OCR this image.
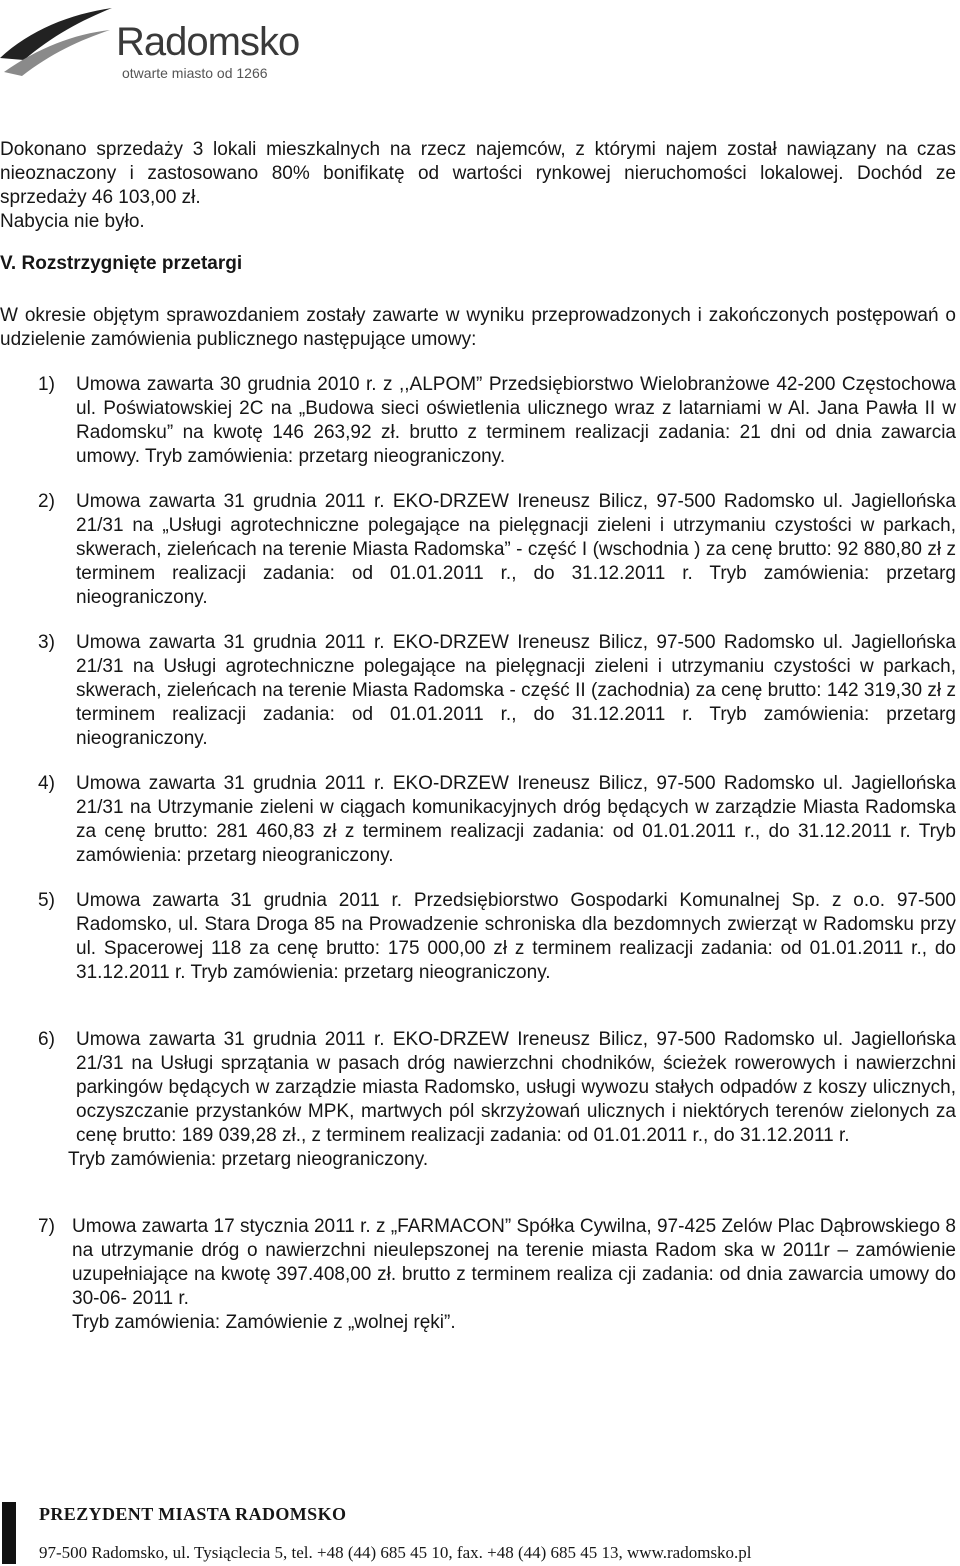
Radomsko
otwarte miasto od 1266

Dokonano sprzedaży 3 lokali mieszkalnych na rzecz najemców, z którymi najem został nawiązany na czas nieoznaczony i zastosowano 80% bonifikatę od wartości rynkowej nieruchomości lokalowej. Dochód ze sprzedaży 46 103,00 zł.

Nabycia nie było.

V. Rozstrzygnięte przetargi

W okresie objętym sprawozdaniem zostały zawarte w wyniku przeprowadzonych i zakończonych postępowań o udzielenie zamówienia publicznego następujące umowy:

1) Umowa zawarta 30 grudnia 2010 r. z ,,ALPOM” Przedsiębiorstwo Wielobranżowe 42-200 Częstochowa ul. Poświatowskiej 2C na „Budowa sieci oświetlenia ulicznego wraz z latarniami w Al. Jana Pawła II w Radomsku” na kwotę 146 263,92 zł. brutto z terminem realizacji zadania: 21 dni od dnia zawarcia umowy. Tryb zamówienia: przetarg nieograniczony.
2) Umowa zawarta 31 grudnia 2011 r. EKO-DRZEW Ireneusz Bilicz, 97-500 Radomsko ul. Jagiellońska 21/31 na „Usługi agrotechniczne polegające na pielęgnacji zieleni i utrzymaniu czystości w parkach, skwerach, zieleńcach na terenie Miasta Radomska” - część I (wschodnia ) za cenę brutto: 92 880,80 zł z terminem realizacji zadania: od 01.01.2011 r., do 31.12.2011 r. Tryb zamówienia: przetarg nieograniczony.
3) Umowa zawarta 31 grudnia 2011 r. EKO-DRZEW Ireneusz Bilicz, 97-500 Radomsko ul. Jagiellońska 21/31 na Usługi agrotechniczne polegające na pielęgnacji zieleni i utrzymaniu czystości w parkach, skwerach, zieleńcach na terenie Miasta Radomska - część II (zachodnia) za cenę brutto: 142 319,30 zł z terminem realizacji zadania: od 01.01.2011 r., do 31.12.2011 r. Tryb zamówienia: przetarg nieograniczony.
4) Umowa zawarta 31 grudnia 2011 r. EKO-DRZEW Ireneusz Bilicz, 97-500 Radomsko ul. Jagiellońska 21/31 na Utrzymanie zieleni w ciągach komunikacyjnych dróg będących w zarządzie Miasta Radomska za cenę brutto: 281 460,83 zł z terminem realizacji zadania: od 01.01.2011 r., do 31.12.2011 r. Tryb zamówienia: przetarg nieograniczony.
5) Umowa zawarta 31 grudnia 2011 r. Przedsiębiorstwo Gospodarki Komunalnej Sp. z o.o. 97-500 Radomsko, ul. Stara Droga 85 na Prowadzenie schroniska dla bezdomnych zwierząt w Radomsku przy ul. Spacerowej 118 za cenę brutto: 175 000,00 zł z terminem realizacji zadania: od 01.01.2011 r., do 31.12.2011 r. Tryb zamówienia: przetarg nieograniczony.
6) Umowa zawarta 31 grudnia 2011 r. EKO-DRZEW Ireneusz Bilicz, 97-500 Radomsko ul. Jagiellońska 21/31 na Usługi sprzątania w pasach dróg nawierzchni chodników, ścieżek rowerowych i nawierzchni parkingów będących w zarządzie miasta Radomsko, usługi wywozu stałych odpadów z koszy ulicznych, oczyszczanie przystanków MPK, martwych pól skrzyżowań ulicznych i niektórych terenów zielonych za cenę brutto: 189 039,28 zł., z terminem realizacji zadania: od 01.01.2011 r., do 31.12.2011 r.
Tryb zamówienia: przetarg nieograniczony.
7) Umowa zawarta 17 stycznia 2011 r. z „FARMACON” Spółka Cywilna, 97-425 Zelów Plac Dąbrowskiego 8 na utrzymanie dróg o nawierzchni nieulepszonej na terenie miasta Radom ska w 2011r – zamówienie uzupełniające na kwotę 397.408,00 zł. brutto z terminem realiza cji zadania: od dnia zawarcia umowy do 30-06- 2011 r.
Tryb zamówienia: Zamówienie z „wolnej ręki”.
PREZYDENT MIASTA RADOMSKO
97-500 Radomsko, ul. Tysiąclecia 5, tel. +48 (44) 685 45 10, fax. +48 (44) 685 45 13, www.radomsko.pl
